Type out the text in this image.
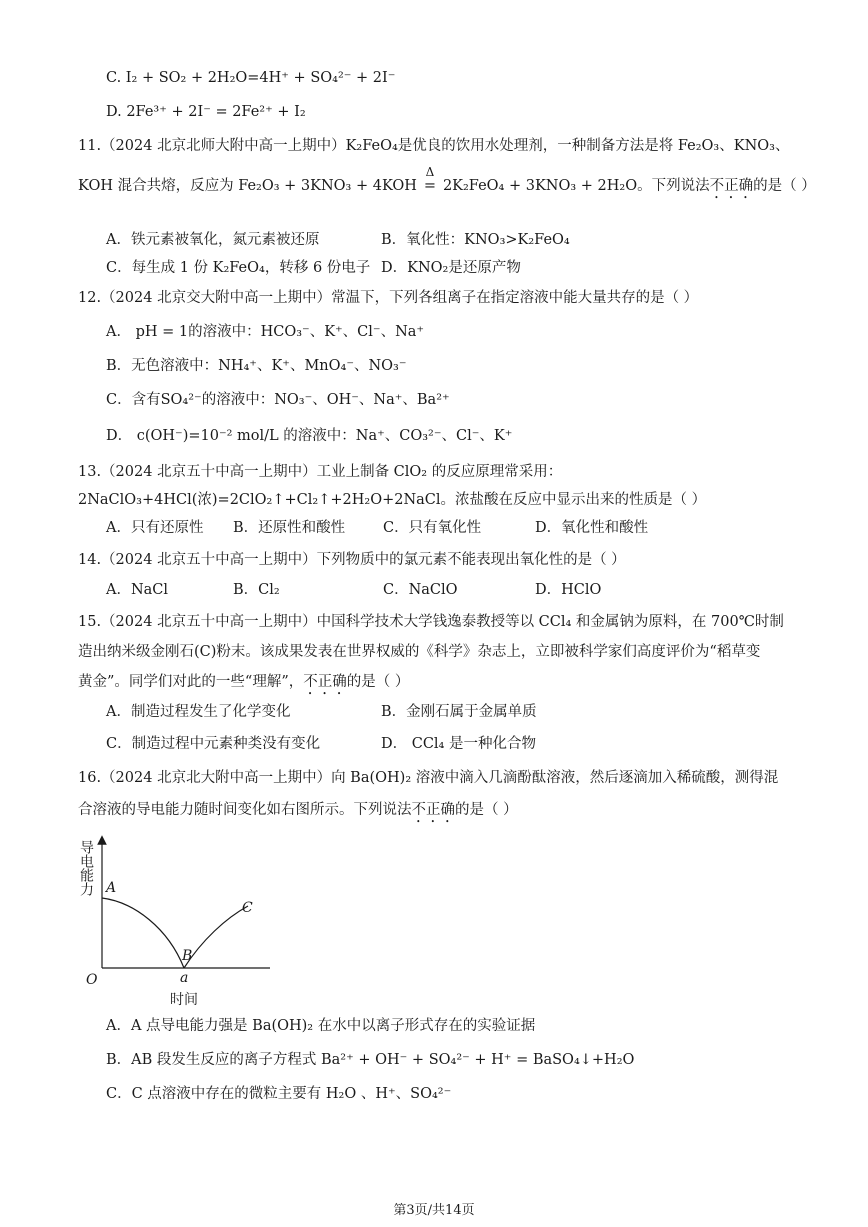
C. I₂ + SO₂ + 2H₂O=4H⁺ + SO₄²⁻ + 2I⁻
D. 2Fe³⁺ + 2I⁻ = 2Fe²⁺ + I₂
11.（2024 北京北师大附中高一上期中）K₂FeO₄是优良的饮用水处理剂，一种制备方法是将 Fe₂O₃、KNO₃、
KOH 混合共熔，反应为 Fe₂O₃ + 3KNO₃ + 4KOH
Δ
= 2K₂FeO₄ + 3KNO₃ + 2H₂O。下列说法不正确的是（ ）
A．铁元素被氧化，氮元素被还原	B．氧化性：KNO₃>K₂FeO₄
C．每生成 1 份 K₂FeO₄，转移 6 份电子 D．KNO₂是还原产物
12.（2024 北京交大附中高一上期中）常温下，下列各组离子在指定溶液中能大量共存的是（ ）
A． pH = 1的溶液中：HCO₃⁻、K⁺、Cl⁻、Na⁺
B．无色溶液中：NH₄⁺、K⁺、MnO₄⁻、NO₃⁻
C．含有SO₄²⁻的溶液中：NO₃⁻、OH⁻、Na⁺、Ba²⁺
D． c(OH⁻)=10⁻² mol/L 的溶液中：Na⁺、CO₃²⁻、Cl⁻、K⁺
13.（2024 北京五十中高一上期中）工业上制备 ClO₂ 的反应原理常采用：
2NaClO₃+4HCl(浓)=2ClO₂↑+Cl₂↑+2H₂O+2NaCl。浓盐酸在反应中显示出来的性质是（ ）
A．只有还原性 B．还原性和酸性	C．只有氧化性	D．氧化性和酸性
14.（2024 北京五十中高一上期中）下列物质中的氯元素不能表现出氧化性的是（ ）
A．NaCl	B．Cl₂	C．NaClO	D．HClO
15.（2024 北京五十中高一上期中）中国科学技术大学钱逸泰教授等以 CCl₄ 和金属钠为原料，在 700℃时制
造出纳米级金刚石(C)粉末。该成果发表在世界权威的《科学》杂志上，立即被科学家们高度评价为“稻草变
黄金”。同学们对此的一些“理解”，不正确的是（ ）
A．制造过程发生了化学变化	B．金刚石属于金属单质
C．制造过程中元素种类没有变化	D． CCl₄ 是一种化合物
16.（2024 北京北大附中高一上期中）向 Ba(OH)₂ 溶液中滴入几滴酚酞溶液，然后逐滴加入稀硫酸，测得混
合溶液的导电能力随时间变化如右图所示。下列说法不正确的是（ ）
导电能力 A
B
C
O	a
时间
A．A 点导电能力强是 Ba(OH)₂ 在水中以离子形式存在的实验证据
B．AB 段发生反应的离子方程式 Ba²⁺ + OH⁻ + SO₄²⁻ + H⁺ = BaSO₄↓+H₂O
C．C 点溶液中存在的微粒主要有 H₂O 、H⁺、SO₄²⁻
第3页/共14页
